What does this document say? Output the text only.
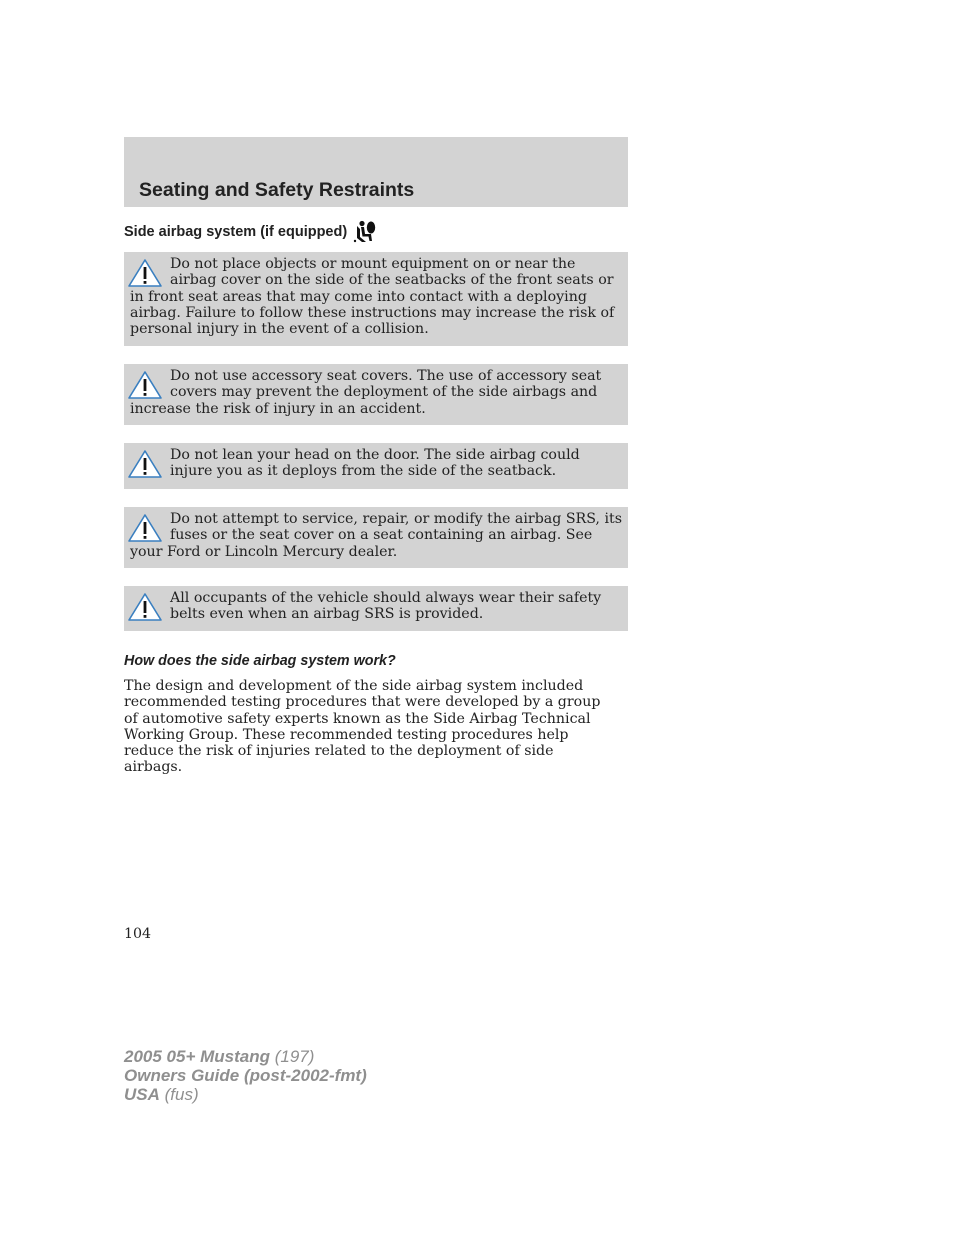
Seating and Safety Restraints
Side airbag system (if equipped)
Do not place objects or mount equipment on or near the airbag cover on the side of the seatbacks of the front seats or in front seat areas that may come into contact with a deploying airbag. Failure to follow these instructions may increase the risk of personal injury in the event of a collision.
Do not use accessory seat covers. The use of accessory seat covers may prevent the deployment of the side airbags and increase the risk of injury in an accident.
Do not lean your head on the door. The side airbag could injure you as it deploys from the side of the seatback.
Do not attempt to service, repair, or modify the airbag SRS, its fuses or the seat cover on a seat containing an airbag. See your Ford or Lincoln Mercury dealer.
All occupants of the vehicle should always wear their safety belts even when an airbag SRS is provided.
How does the side airbag system work?
The design and development of the side airbag system included recommended testing procedures that were developed by a group of automotive safety experts known as the Side Airbag Technical Working Group. These recommended testing procedures help reduce the risk of injuries related to the deployment of side airbags.
104
2005 05+ Mustang (197)
Owners Guide (post-2002-fmt)
USA (fus)
